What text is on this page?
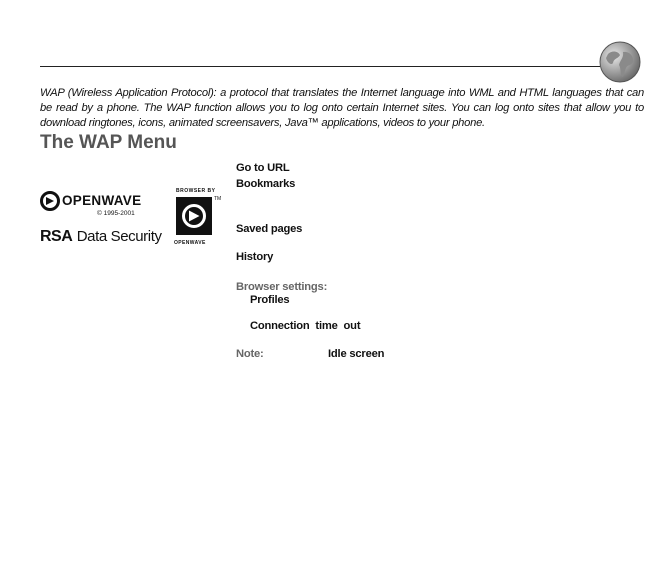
WAP (Wireless Application Protocol): a protocol that translates the Internet language into WML and HTML languages that can be read by a phone. The WAP function allows you to log onto certain Internet sites. You can log onto sites that allow you to download ringtones, icons, animated screensavers, Java™ applications, videos to your phone.

The WAP Menu
OPENWAVE
© 1995-2001
RSA Data Security
BROWSER BY
TM
OPENWAVE
Go to URL
Bookmarks
Saved pages
History
Browser settings:
Profiles
Connection time out
Note:	Idle screen
